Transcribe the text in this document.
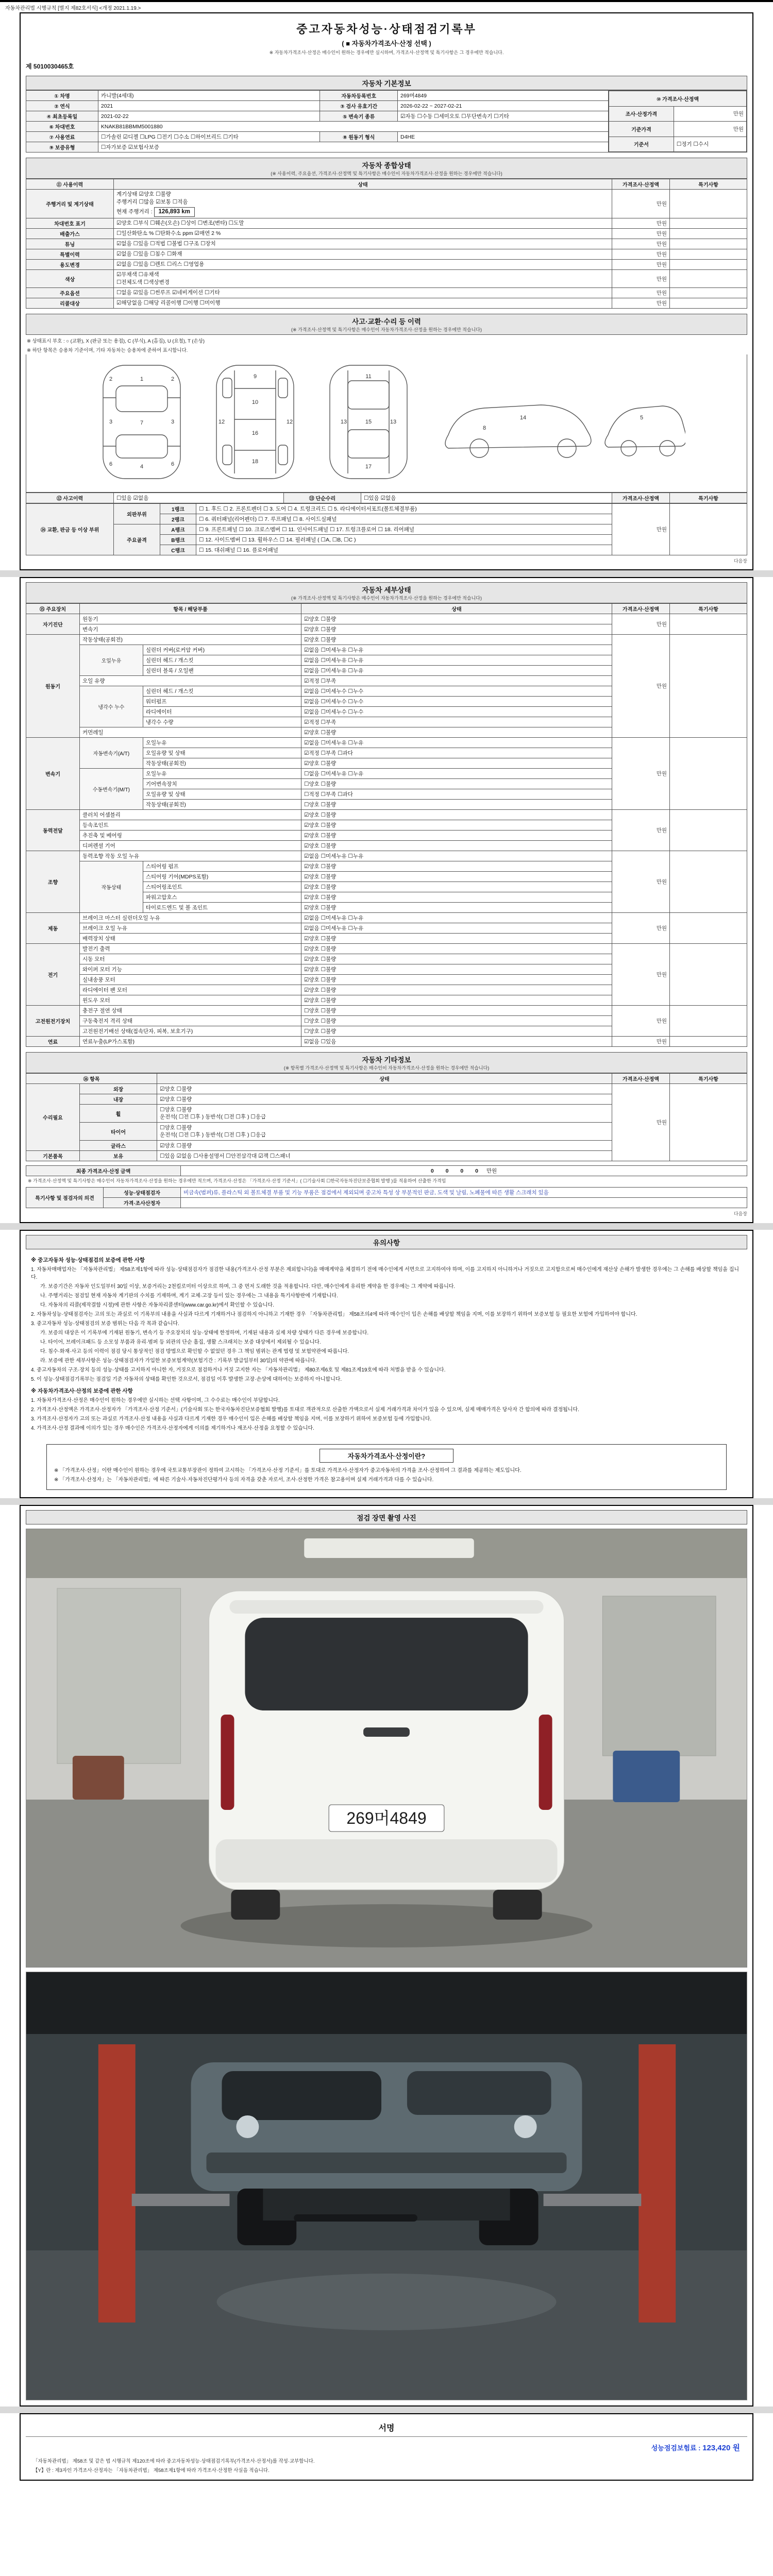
자동차관리법 시행규칙 [별지 제82호서식] <개정 2021.1.19.>
중고자동차성능·상태점검기록부
( ■ 자동차가격조사·산정 선택 )
※ 자동차가격조사·산정은 매수인이 원하는 경우에만 실시하며, 가격조사·산정액 및 특기사항은 그 경우에만 적습니다.
제 5010030465호
자동차 기본정보
① 차명	카니발(4세대)	자동차등록번호	269머4849	
⑩ 가격조사·산정액
조사·산정가격	만원
기준가격	만원
기준서	☐정기 ☐수시

② 연식	2021	③ 검사 유효기간	2026-02-22 ~ 2027-02-21
④ 최초등록일	2021-02-22	⑤ 변속기 종류	☑자동 ☐수동 ☐세미오토 ☐무단변속기 ☐기타
⑥ 차대번호	KNAKB81BBMM5001880
⑦ 사용연료	☐가솔린 ☑디젤 ☐LPG ☐전기 ☐수소 ☐하이브리드 ☐기타	⑧ 원동기 형식	D4HE
⑨ 보증유형	☐자가보증 ☑보험사보증
자동차 종합상태
(※ 사용이력, 주요옵션, 가격조사·산정액 및 특기사항은 매수인이 자동차가격조사·산정을 원하는 경우에만 적습니다)
⑪ 사용이력	상태	가격조사·산정액	특기사항
주행거리 및 계기상태	계기상태 ☑양호 ☐불량
주행거리 ☐많음 ☑보통 ☐적음
현재 주행거리 : 126,893 km	만원	
차대번호 표기	☑양호 ☐부식 ☐훼손(오손) ☐상이 ☐변조(변타) ☐도말	만원	
배출가스	☐일산화탄소 % ☐탄화수소 ppm ☑매연 2 %	만원	
튜닝	☑없음 ☐있음 ☐적법 ☐불법 ☐구조 ☐장치	만원	
특별이력	☑없음 ☐있음 ☐침수 ☐화재	만원	
용도변경	☑없음 ☐있음 ☐렌트 ☐리스 ☐영업용	만원	
색상	☑무채색 ☐유채색
☐전체도색 ☐색상변경	만원	
주요옵션	☐없음 ☑있음 ☐썬루프 ☑네비게이션 ☐기타	만원	
리콜대상	☑해당없음 ☐해당 리콜이행 ☐이행 ☐미이행	만원	
사고·교환·수리 등 이력
(※ 가격조사·산정액 및 특기사항은 매수인이 자동차가격조사·산정을 원하는 경우에만 적습니다)
※ 상태표시 부호 : ○ (교환), X (판금 또는 용접), C (부식), A (흠집), U (요철), T (손상)
※ 하단 항목은 승용차 기준이며, 기타 자동차는 승용차에 준하여 표시합니다.
1
7
4
2	2
3	3
6	6
9
10
16
18
12	12
11
15
17
13	13
14
8
5
⑫ 사고이력	☐있음 ☑없음	⑬ 단순수리	☐있음 ☑없음	가격조사·산정액	특기사항
⑭ 교환, 판금 등 이상 부위	외판부위	1랭크	☐ 1. 후드 ☐ 2. 프론트펜더 ☐ 3. 도어 ☐ 4. 트렁크리드 ☐ 5. 라디에이터서포트(볼트체결부품)	만원	
		2랭크	☐ 6. 쿼터패널(리어펜더) ☐ 7. 루프패널 ☐ 8. 사이드실패널		
	주요골격	A랭크	☐ 9. 프론트패널 ☐ 10. 크로스멤버 ☐ 11. 인사이드패널 ☐ 17. 트렁크플로어 ☐ 18. 리어패널		
		B랭크	☐ 12. 사이드멤버 ☐ 13. 휠하우스 ☐ 14. 필러패널 ( ☐A, ☐B, ☐C )		
		C랭크	☐ 15. 대쉬패널 ☐ 16. 플로어패널		
다음장
자동차 세부상태
(※ 가격조사·산정액 및 특기사항은 매수인이 자동차가격조사·산정을 원하는 경우에만 적습니다)
⑮ 주요장치	항목 / 해당부품		상태	가격조사·산정액	특기사항
자기진단	원동기		☑양호 ☐불량	만원	
	변속기		☑양호 ☐불량		
원동기	작동상태(공회전)		☑양호 ☐불량	만원	
	오일누유	실린더 커버(로커암 커버)	☑없음 ☐미세누유 ☐누유		
		실린더 헤드 / 개스킷	☑없음 ☐미세누유 ☐누유		
		실린더 블록 / 오일팬	☑없음 ☐미세누유 ☐누유		
	오일 유량		☑적정 ☐부족		
	냉각수 누수	실린더 헤드 / 개스킷	☑없음 ☐미세누수 ☐누수		
		워터펌프	☑없음 ☐미세누수 ☐누수		
		라디에이터	☑없음 ☐미세누수 ☐누수		
		냉각수 수량	☑적정 ☐부족		
	커먼레일		☑양호 ☐불량		
변속기	자동변속기(A/T)	오일누유	☑없음 ☐미세누유 ☐누유	만원	
		오일유량 및 상태	☑적정 ☐부족 ☐과다		
		작동상태(공회전)	☑양호 ☐불량		
	수동변속기(M/T)	오일누유	☐없음 ☐미세누유 ☐누유		
		기어변속장치	☐양호 ☐불량		
		오일유량 및 상태	☐적정 ☐부족 ☐과다		
		작동상태(공회전)	☐양호 ☐불량		
동력전달	클러치 어셈블리		☑양호 ☐불량	만원	
	등속조인트		☑양호 ☐불량		
	추진축 및 베어링		☑양호 ☐불량		
	디퍼렌셜 기어		☑양호 ☐불량		
조향	동력조향 작동 오일 누유		☑없음 ☐미세누유 ☐누유	만원	
	작동상태	스티어링 펌프	☑양호 ☐불량		
		스티어링 기어(MDPS포함)	☑양호 ☐불량		
		스티어링조인트	☑양호 ☐불량		
		파워고압호스	☑양호 ☐불량		
		타이로드엔드 및 볼 조인트	☑양호 ☐불량		
제동	브레이크 마스터 실린더오일 누유		☑없음 ☐미세누유 ☐누유	만원	
	브레이크 오일 누유		☑없음 ☐미세누유 ☐누유		
	배력장치 상태		☑양호 ☐불량		
전기	발전기 출력		☑양호 ☐불량	만원	
	시동 모터		☑양호 ☐불량		
	와이퍼 모터 기능		☑양호 ☐불량		
	실내송풍 모터		☑양호 ☐불량		
	라디에이터 팬 모터		☑양호 ☐불량		
	윈도우 모터		☑양호 ☐불량		
고전원전기장치	충전구 절연 상태		☐양호 ☐불량	만원	
	구동축전지 격리 상태		☐양호 ☐불량		
	고전원전기배선 상태(접속단자, 피복, 보호기구)		☐양호 ☐불량		
연료	연료누출(LP가스포함)		☑없음 ☐있음	만원	
자동차 기타정보
(※ 항목별 가격조사·산정액 및 특기사항은 매수인이 자동차가격조사·산정을 원하는 경우에만 적습니다)
⑯ 항목		상태	가격조사·산정액	특기사항
수리필요	외장	☑양호 ☐불량	만원	
	내장	☑양호 ☐불량		
	휠	☐양호 ☐불량
운전석( ☐전 ☐후 ) 동반석( ☐전 ☐후 ) ☐응급		

	타이어	☐양호 ☐불량
운전석( ☐전 ☐후 ) 동반석( ☐전 ☐후 ) ☐응급		

	글라스	☑양호 ☐불량		
기본품목	보유	☐있음 ☑없음 ☐사용설명서 ☐안전삼각대 ☑잭 ☐스패너		
최종 가격조사·산정 금액	0 0 0 0 만원
※ 가격조사·산정액 및 특기사항은 매수인이 자동차가격조사·산정을 원하는 경우에만 적으며, 가격조사·산정은 「가격조사·산정 기준서」( ☐기술사회 ☐한국자동차진단보증협회 발행 )를 적용하여 산출한 가격임
특기사항 및 점검자의 의견	성능·상태점검자	비금속(범퍼)류, 플라스틱 외 볼트체결 부품 및 기능 부품은 점검에서 제외되며 중고차 특성 상 부분적인 판금, 도색 및 날림, 노폐물에 따른 생활 스크래치 있음
	가격·조사산정자	
다음장
유의사항
※ 중고자동차 성능·상태점검의 보증에 관한 사항
1. 자동차매매업자는 「자동차관리법」 제58조제1항에 따라 성능·상태점검자가 점검한 내용(가격조사·산정 부분은 제외합니다)을 매매계약을 체결하기 전에 매수인에게 서면으로 고지하여야 하며, 이를 고지하지 아니하거나 거짓으로 고지함으로써 매수인에게 재산상 손해가 발생한 경우에는 그 손해를 배상할 책임을 집니다.
가. 보증기간은 자동차 인도일부터 30일 이상, 보증거리는 2천킬로미터 이상으로 하며, 그 중 먼저 도래한 것을 적용합니다. 다만, 매수인에게 유리한 계약을 한 경우에는 그 계약에 따릅니다.
나. 주행거리는 점검일 현재 자동차 계기판의 수치를 기재하며, 계기 교체·고장 등이 있는 경우에는 그 내용을 특기사항란에 기재합니다.
다. 자동차의 리콜(제작결함 시정)에 관한 사항은 자동차리콜센터(www.car.go.kr)에서 확인할 수 있습니다.
2. 자동차성능·상태점검자는 고의 또는 과실로 이 기록부의 내용을 사실과 다르게 기재하거나 점검하지 아니하고 기재한 경우 「자동차관리법」 제58조의4에 따라 매수인이 입은 손해를 배상할 책임을 지며, 이를 보장하기 위하여 보증보험 등 필요한 보험에 가입하여야 합니다.
3. 중고자동차 성능·상태점검의 보증 범위는 다음 각 목과 같습니다.
가. 보증의 대상은 이 기록부에 기재된 원동기, 변속기 등 주요장치의 성능·상태에 한정하며, 기재된 내용과 실제 차량 상태가 다른 경우에 보증합니다.
나. 타이어, 브레이크패드 등 소모성 부품과 유리·범퍼 등 외관의 단순 흠집, 생활 스크래치는 보증 대상에서 제외될 수 있습니다.
다. 침수·화재·사고 등의 이력이 점검 당시 통상적인 점검 방법으로 확인할 수 없었던 경우 그 책임 범위는 관계 법령 및 보험약관에 따릅니다.
라. 보증에 관한 세부사항은 성능·상태점검자가 가입한 보증보험계약(보험기간 : 기록부 발급일부터 30일)의 약관에 따릅니다.
4. 중고자동차의 구조·장치 등의 성능·상태를 고지하지 아니한 자, 거짓으로 점검하거나 거짓 고지한 자는 「자동차관리법」 제80조제6호 및 제81조제19호에 따라 처벌을 받을 수 있습니다.
5. 이 성능·상태점검기록부는 점검일 기준 자동차의 상태를 확인한 것으로서, 점검일 이후 발생한 고장·손상에 대하여는 보증하지 아니합니다.
※ 자동차가격조사·산정의 보증에 관한 사항
1. 자동차가격조사·산정은 매수인이 원하는 경우에만 실시하는 선택 사항이며, 그 수수료는 매수인이 부담합니다.
2. 가격조사·산정액은 가격조사·산정자가 「가격조사·산정 기준서」(기술사회 또는 한국자동차진단보증협회 발행)를 토대로 객관적으로 산출한 가액으로서 실제 거래가격과 차이가 있을 수 있으며, 실제 매매가격은 당사자 간 합의에 따라 결정됩니다.
3. 가격조사·산정자가 고의 또는 과실로 가격조사·산정 내용을 사실과 다르게 기재한 경우 매수인이 입은 손해를 배상할 책임을 지며, 이를 보장하기 위하여 보증보험 등에 가입합니다.
4. 가격조사·산정 결과에 이의가 있는 경우 매수인은 가격조사·산정자에게 이의를 제기하거나 재조사·산정을 요청할 수 있습니다.
자동차가격조사·산정이란?
※ 「가격조사·산정」이란 매수인이 원하는 경우에 국토교통부장관이 정하여 고시하는 「가격조사·산정 기준서」를 토대로 가격조사·산정자가 중고자동차의 가격을 조사·산정하여 그 결과를 제공하는 제도입니다.
※ 「가격조사·산정자」는 「자동차관리법」에 따른 기술사·자동차진단평가사 등의 자격을 갖춘 자로서, 조사·산정한 가격은 참고용이며 실제 거래가격과 다를 수 있습니다.
점검 장면 촬영 사진
269머4849
서명
성능점검보험료 : 123,420 원
「자동차관리법」 제58조 및 같은 법 시행규칙 제120조에 따라 중고자동차성능·상태점검기록부(가격조사·산정서)를 작성·교부합니다.
【Y】란 : 제3자인 가격조사·산정자는 「자동차관리법」 제58조제1항에 따라 가격조사·산정한 사실을 적습니다.
